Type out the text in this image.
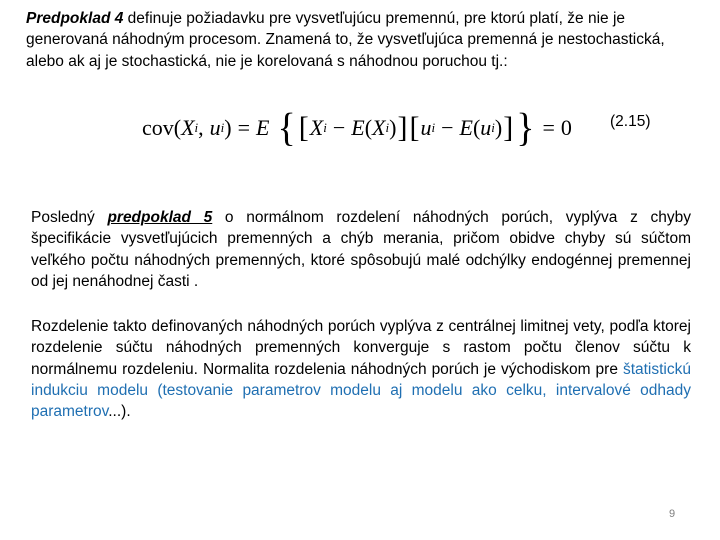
Predpoklad 4 definuje požiadavku pre vysvetľujúcu premennú, pre ktorú platí, že nie je generovaná náhodným procesom. Znamená to, že vysvetľujúca premenná je nestochastická, alebo ak aj je stochastická, nie je korelovaná s náhodnou poruchou tj.:
cov ( X i , u i ) = E { [ X i − E ( X i ) ] [ u i − E ( u i ) ] } = 0 (2.15)
Posledný predpoklad 5 o normálnom rozdelení náhodných porúch, vyplýva z chyby špecifikácie vysvetľujúcich premenných a chýb merania, pričom obidve chyby sú súčtom veľkého počtu náhodných premenných, ktoré spôsobujú malé odchýlky endogénnej premennej od jej nenáhodnej časti .
Rozdelenie takto definovaných náhodných porúch vyplýva z centrálnej limitnej vety, podľa ktorej rozdelenie súčtu náhodných premenných konverguje s rastom počtu členov súčtu k normálnemu rozdeleniu. Normalita rozdelenia náhodných porúch je východiskom pre štatistickú indukciu modelu (testovanie parametrov modelu aj modelu ako celku, intervalové odhady parametrov...).
9
